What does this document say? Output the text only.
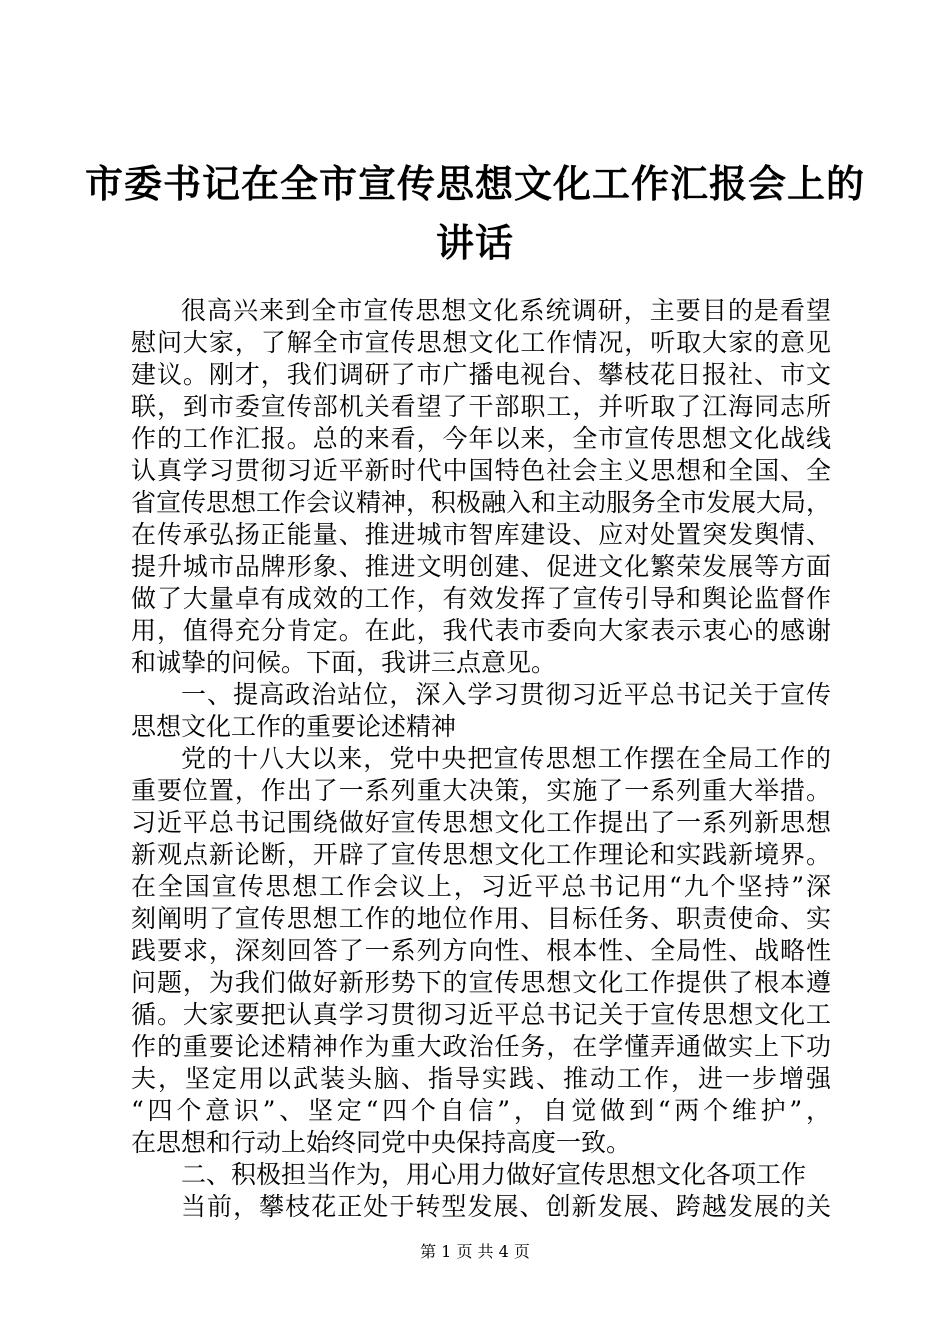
市委书记在全市宣传思想文化工作汇报会上的
讲话
很高兴来到全市宣传思想文化系统调研，主要目的是看望
慰问大家，了解全市宣传思想文化工作情况，听取大家的意见
建议。刚才，我们调研了市广播电视台、攀枝花日报社、市文
联，到市委宣传部机关看望了干部职工，并听取了江海同志所
作的工作汇报。总的来看，今年以来，全市宣传思想文化战线
认真学习贯彻习近平新时代中国特色社会主义思想和全国、全
省宣传思想工作会议精神，积极融入和主动服务全市发展大局，
在传承弘扬正能量、推进城市智库建设、应对处置突发舆情、
提升城市品牌形象、推进文明创建、促进文化繁荣发展等方面
做了大量卓有成效的工作，有效发挥了宣传引导和舆论监督作
用，值得充分肯定。在此，我代表市委向大家表示衷心的感谢
和诚挚的问候。下面，我讲三点意见。
一、提高政治站位，深入学习贯彻习近平总书记关于宣传
思想文化工作的重要论述精神
党的十八大以来，党中央把宣传思想工作摆在全局工作的
重要位置，作出了一系列重大决策，实施了一系列重大举措。
习近平总书记围绕做好宣传思想文化工作提出了一系列新思想
新观点新论断，开辟了宣传思想文化工作理论和实践新境界。
在全国宣传思想工作会议上，习近平总书记用“九个坚持”深
刻阐明了宣传思想工作的地位作用、目标任务、职责使命、实
践要求，深刻回答了一系列方向性、根本性、全局性、战略性
问题，为我们做好新形势下的宣传思想文化工作提供了根本遵
循。大家要把认真学习贯彻习近平总书记关于宣传思想文化工
作的重要论述精神作为重大政治任务，在学懂弄通做实上下功
夫，坚定用以武装头脑、指导实践、推动工作，进一步增强
“四个意识”、坚定“四个自信”，自觉做到“两个维护”，
在思想和行动上始终同党中央保持高度一致。
二、积极担当作为，用心用力做好宣传思想文化各项工作
当前，攀枝花正处于转型发展、创新发展、跨越发展的关
第 1 页 共 4 页
